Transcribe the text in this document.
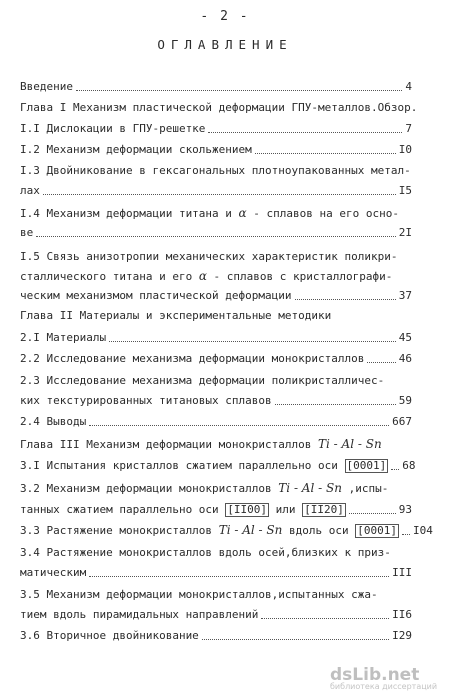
- 2 -
ОГЛАВЛЕНИЕ
Введение	4
Глава I Механизм пластической деформации ГПУ-металлов.Обзор.
I.I Дислокации в ГПУ-решетке	7
I.2 Механизм деформации скольжением	I0
I.3 Двойникование в гексагональных плотноупакованных метал-
лах	I5
I.4 Механизм деформации титана и α - сплавов на его осно-
ве	2I
I.5 Связь анизотропии механических характеристик поликри-
сталлического титана и его α - сплавов с кристаллографи-
ческим механизмом пластической деформации	37
Глава II Материалы и экспериментальные методики
2.I Материалы	45
2.2 Исследование механизма деформации монокристаллов	46
2.3 Исследование механизма деформации поликристалличес-
ких текстурированных титановых сплавов	59
2.4 Выводы	667
Глава III Механизм деформации монокристаллов Ti - Al - Sn
3.I Испытания кристаллов сжатием параллельно оси [0001] 68
3.2 Механизм деформации монокристаллов Ti - Al - Sn ,испы-
танных сжатием параллельно оси [II00] или [II20]	93
3.3 Растяжение монокристаллов Ti - Al - Sn вдоль оси [0001] I04
3.4 Растяжение монокристаллов вдоль осей,близких к приз-
матическим	III
3.5 Механизм деформации монокристаллов,испытанных сжа-
тием вдоль пирамидальных направлений	II6
3.6 Вторичное двойникование	I29
dsLib.net
библиотека диссертаций
